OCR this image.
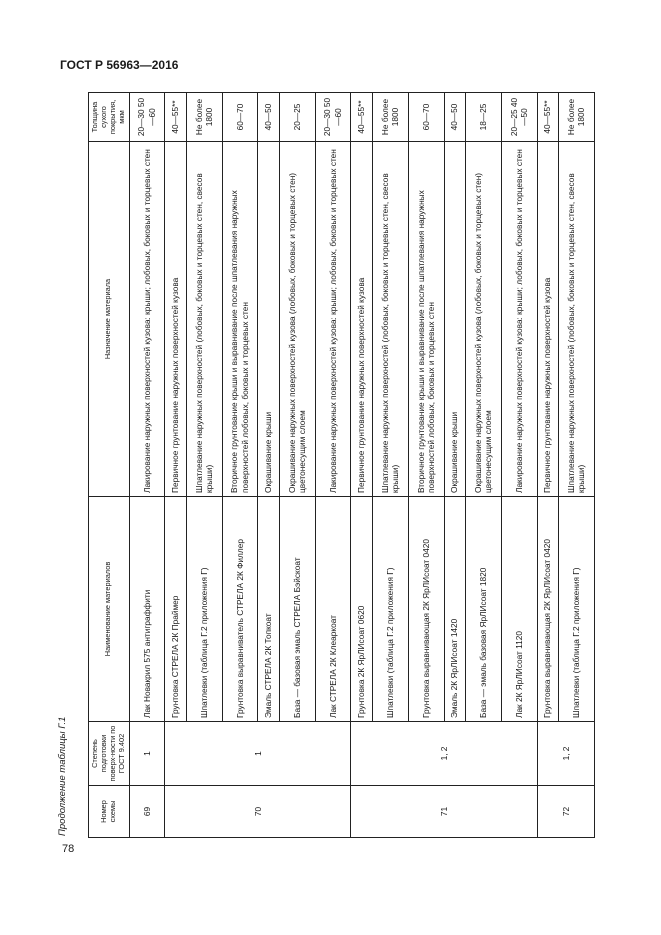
ГОСТ Р 56963—2016
Продолжение таблицы Г.1	Номер схемы	Степень подготовки поверх-ности по ГОСТ 9.402	Наименование материалов	Назначение материала	Толщина сухого покрытия, мкм
69	1	Лак Новакрил 575 антиграффити	Лакирование наружных поверхностей кузова: крыши; лобовых, боковых и торцевых стен	20—30 50—60
70	1	Грунтовка СТРЕЛА 2К Праймер	Первичное грунтование наружных поверхностей кузова	40—55**
		Шпатлевки (таблица Г.2 приложения Г)	Шпатлевание наружных поверхностей (лобовых, боковых и торцевых стен, свесов крыши)	Не более 1800
		Грунтовка выравниватель СТРЕЛА 2К Филлер	Вторичное грунтование крыши и выравнивание после шпатлевания наружных поверхностей лобовых, боковых и торцевых стен	60—70
		Эмаль СТРЕЛА 2К Топкоат	Окрашивание крыши	40—50
		База — базовая эмаль СТРЕЛА Бэйскоат	Окрашивание наружных поверхностей кузова (лобовых, боковых и торцевых стен) цветонесущим слоем	20—25
		Лак СТРЕЛА 2К Клеаркоат	Лакирование наружных поверхностей кузова: крыши; лобовых, боковых и торцевых стен	20—30 50—60
71	1, 2	Грунтовка 2К ЯрЛИсоат 0620	Первичное грунтование наружных поверхностей кузова	40—55**
		Шпатлевки (таблица Г.2 приложения Г)	Шпатлевание наружных поверхностей (лобовых, боковых и торцевых стен, свесов крыши)	Не более 1800
		Грунтовка выравнивающая 2К ЯрЛИсоат 0420	Вторичное грунтование крыши и выравнивание после шпатлевания наружных поверхностей лобовых, боковых и торцевых стен	60—70
		Эмаль 2К ЯрЛИсоат 1420	Окрашивание крыши	40—50
		База — эмаль базовая ЯрЛИсоат 1820	Окрашивание наружных поверхностей кузова (лобовых, боковых и торцевых стен) цветонесущим слоем	18—25
		Лак 2К ЯрЛИсоат 1120	Лакирование наружных поверхностей кузова: крыши; лобовых, боковых и торцевых стен	20—25 40—50
72	1, 2	Грунтовка выравнивающая 2К ЯрЛИсоат 0420	Первичное грунтование наружных поверхностей кузова	40—55**
		Шпатлевки (таблица Г.2 приложения Г)	Шпатлевание наружных поверхностей (лобовых, боковых и торцевых стен, свесов крыши)	Не более 1800
78
